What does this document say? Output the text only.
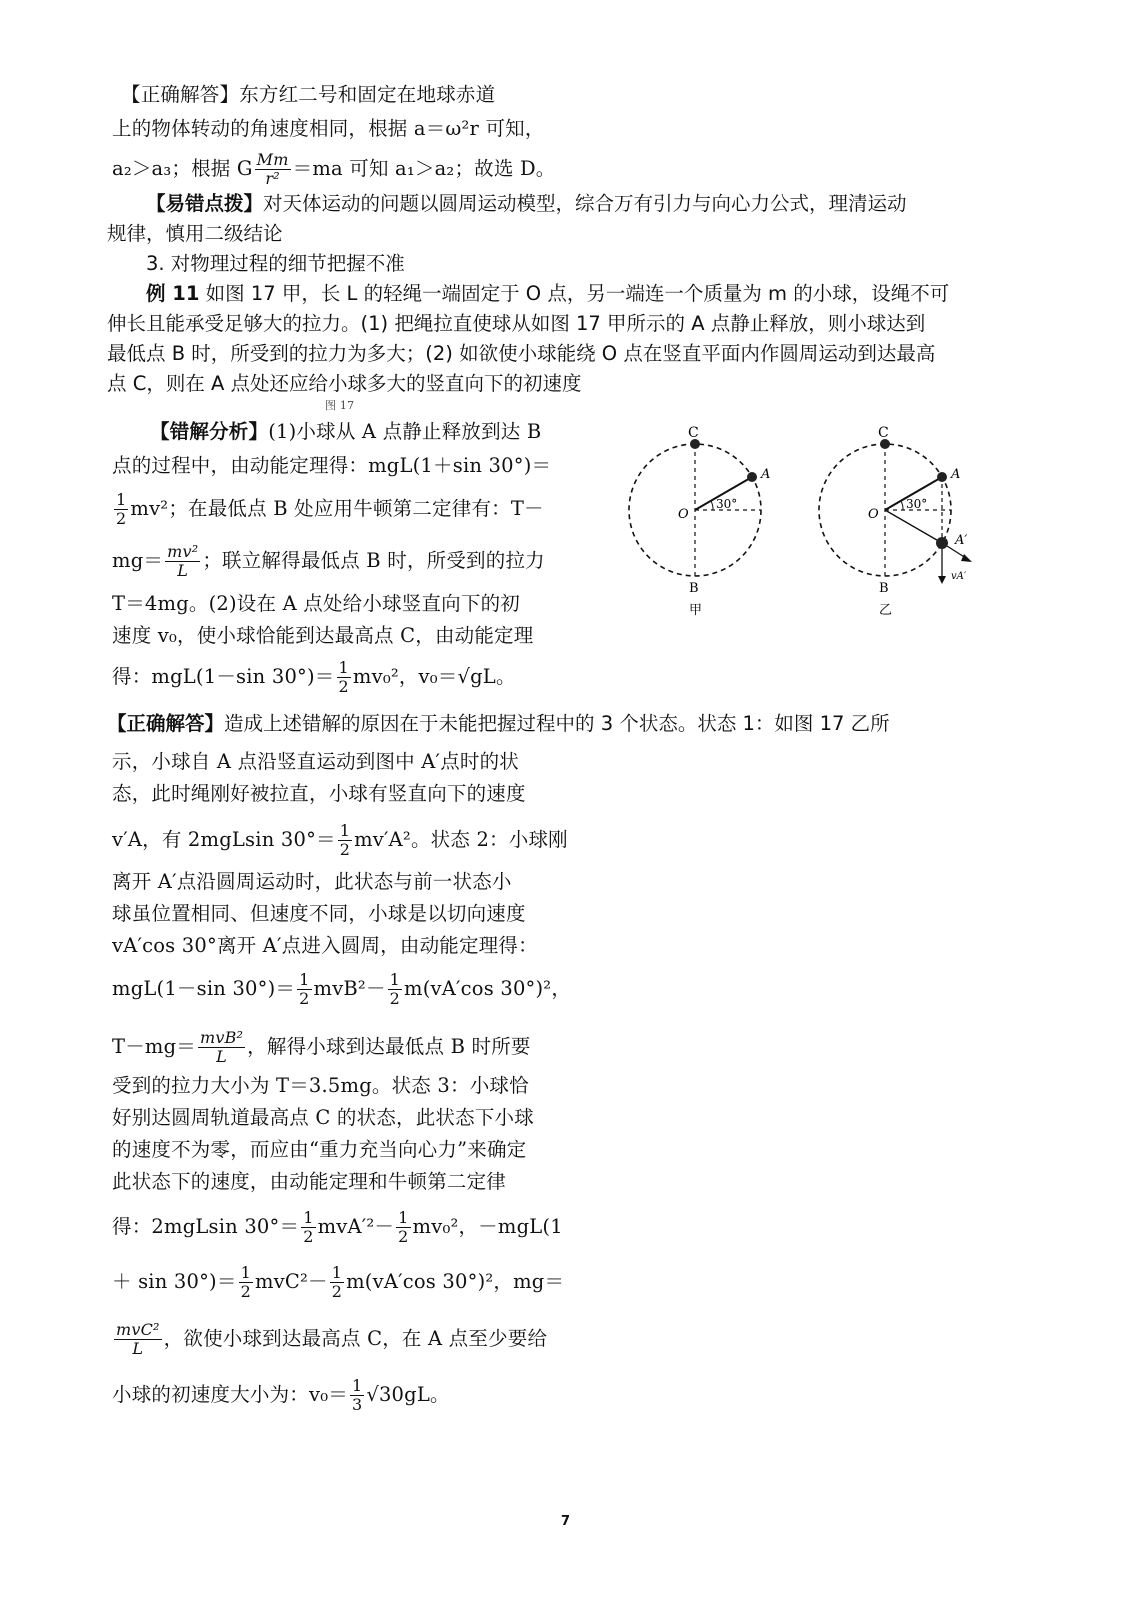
【正确解答】东方红二号和固定在地球赤道
上的物体转动的角速度相同，根据 a＝ω²r 可知，
a₂＞a₃；根据 G $\frac{Mm}{\text{r²}} =ma$ 可知 a₁＞a₂；故选 D。
【易错点拨】对天体运动的问题以圆周运动模型，综合万有引力与向心力公式，理清运动
规律，慎用二级结论
3. 对物理过程的细节把握不准
例 11 如图 17 甲，长 L 的轻绳一端固定于 O 点，另一端连一个质量为 m 的小球，设绳不可
伸长且能承受足够大的拉力。(1) 把绳拉直使球从如图 17 甲所示的 A 点静止释放，则小球达到
最低点 B 时，所受到的拉力为多大；(2) 如欲使小球能绕 O 点在竖直平面内作圆周运动到达最高
点 C，则在 A 点处还应给小球多大的竖直向下的初速度
图 17
【错解分析】(1)小球从 A 点静止释放到达 B
点的过程中，由动能定理得：mgL(1＋sin 30°)＝
$\frac{1}{2} mv^2$；在最低点 B 处应用牛顿第二定律有：T－
$mg= \frac{\text{mv²}}{L}$ ；联立解得最低点 B 时，所受到的拉力
T＝4mg。(2)设在 A 点处给小球竖直向下的初
速度 v₀，使小球恰能到达最高点 C，由动能定理
得：mgL(1－sin $30^\circ)= \frac{1}{2} mv_0^2$，v₀＝√gL。
C
A
O
30°
B
甲
C
A
O
30°
A′
vA′
B
乙
【正确解答】造成上述错解的原因在于未能把握过程中的 3 个状态。状态 1：如图 17 乙所
示，小球自 A 点沿竖直运动到图中 A′点时的状
态，此时绳刚好被拉直，小球有竖直向下的速度
v′A，有 2mgLsin $30^\circ= \frac{1}{2} mv'A^2$。状态 2：小球刚
离开 A′点沿圆周运动时，此状态与前一状态小
球虽位置相同、但速度不同，小球是以切向速度
vA′cos 30°离开 A′点进入圆周，由动能定理得：
mgL(1－sin $30^\circ)= \frac{1}{2} mvB^2- \frac{1}{2} m(vA'\cos$ 30°)²，
$T-mg= \frac{\text{mvB²}}{L}$ ，解得小球到达最低点 B 时所要
受到的拉力大小为 T＝3.5mg。状态 3：小球恰
好别达圆周轨道最高点 C 的状态，此状态下小球
的速度不为零，而应由“重力充当向心力”来确定
此状态下的速度，由动能定理和牛顿第二定律
得：2mgLsin $30^\circ= \frac{1}{2} mvA'^2- \frac{1}{2} mv_0^2$，－mgL(1
＋ $\sin 30^\circ)= \frac{1}{2} mvC^2- \frac{1}{2} m(vA'\cos$ 30°)²，mg＝
$\frac{\text{mvC²}}{L}$ ，欲使小球到达最高点 C，在 A 点至少要给
小球的初速度大小为：$v_0= \frac{1}{3} √30gL$。
7
